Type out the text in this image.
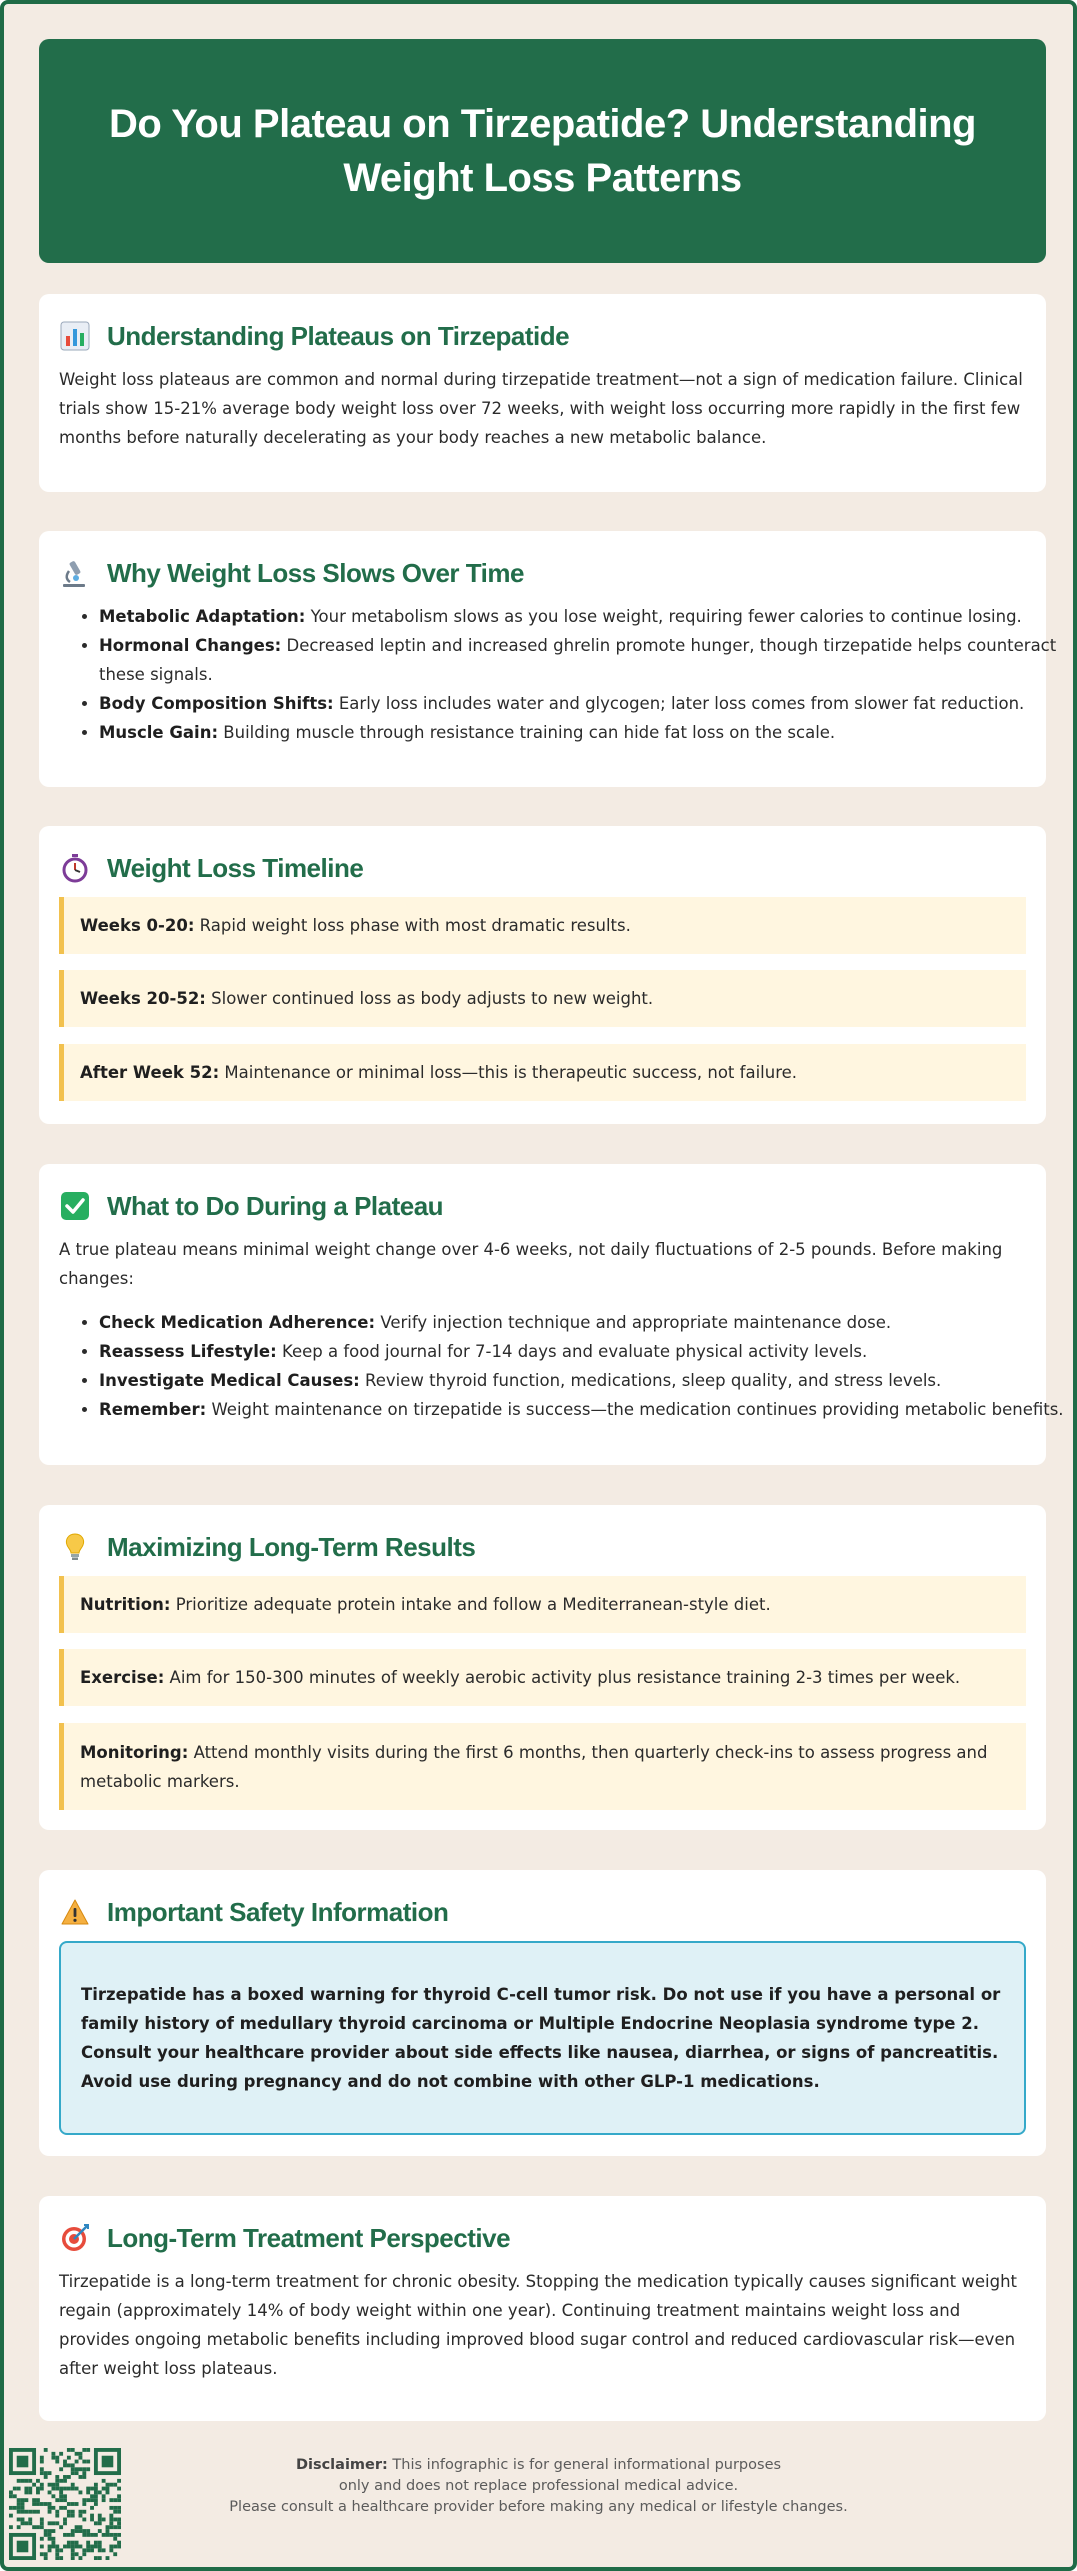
Do You Plateau on Tirzepatide? Understanding Weight Loss Patterns
Understanding Plateaus on Tirzepatide
Weight loss plateaus are common and normal during tirzepatide treatment—not a sign of medication failure. Clinical trials show 15-21% average body weight loss over 72 weeks, with weight loss occurring more rapidly in the first few months before naturally decelerating as your body reaches a new metabolic balance.
Why Weight Loss Slows Over Time
• Metabolic Adaptation: Your metabolism slows as you lose weight, requiring fewer calories to continue losing.
• Hormonal Changes: Decreased leptin and increased ghrelin promote hunger, though tirzepatide helps counteract these signals.
• Body Composition Shifts: Early loss includes water and glycogen; later loss comes from slower fat reduction.
• Muscle Gain: Building muscle through resistance training can hide fat loss on the scale.
Weight Loss Timeline
Weeks 0-20: Rapid weight loss phase with most dramatic results.
Weeks 20-52: Slower continued loss as body adjusts to new weight.
After Week 52: Maintenance or minimal loss—this is therapeutic success, not failure.
What to Do During a Plateau
A true plateau means minimal weight change over 4-6 weeks, not daily fluctuations of 2-5 pounds. Before making changes:
• Check Medication Adherence: Verify injection technique and appropriate maintenance dose.
• Reassess Lifestyle: Keep a food journal for 7-14 days and evaluate physical activity levels.
• Investigate Medical Causes: Review thyroid function, medications, sleep quality, and stress levels.
• Remember: Weight maintenance on tirzepatide is success—the medication continues providing metabolic benefits.
Maximizing Long-Term Results
Nutrition: Prioritize adequate protein intake and follow a Mediterranean-style diet.
Exercise: Aim for 150-300 minutes of weekly aerobic activity plus resistance training 2-3 times per week.
Monitoring: Attend monthly visits during the first 6 months, then quarterly check-ins to assess progress and metabolic markers.
Important Safety Information
Tirzepatide has a boxed warning for thyroid C-cell tumor risk. Do not use if you have a personal or family history of medullary thyroid carcinoma or Multiple Endocrine Neoplasia syndrome type 2. Consult your healthcare provider about side effects like nausea, diarrhea, or signs of pancreatitis. Avoid use during pregnancy and do not combine with other GLP-1 medications.
Long-Term Treatment Perspective
Tirzepatide is a long-term treatment for chronic obesity. Stopping the medication typically causes significant weight regain (approximately 14% of body weight within one year). Continuing treatment maintains weight loss and provides ongoing metabolic benefits including improved blood sugar control and reduced cardiovascular risk—even after weight loss plateaus.
Disclaimer: This infographic is for general informational purposes
only and does not replace professional medical advice.
Please consult a healthcare provider before making any medical or lifestyle changes.
